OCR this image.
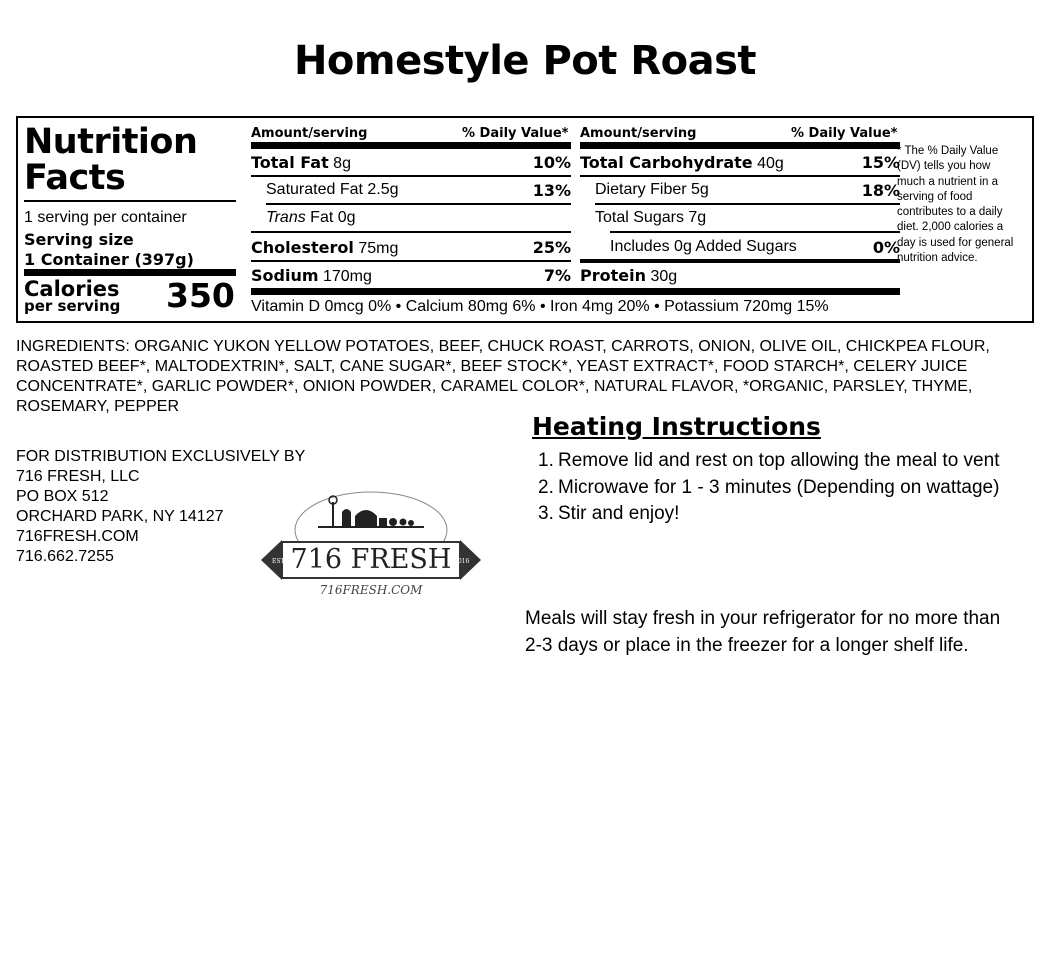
Homestyle Pot Roast
Nutrition
Facts
1 serving per container
Serving size
1 Container (397g)
Calories
per serving 350
Amount/serving	% Daily Value* Amount/serving	% Daily Value*
Total Fat 8g	10%
Saturated Fat 2.5g	13%
Trans Fat 0g
Cholesterol 75mg	25%
Sodium 170mg	7%
Total Carbohydrate 40g	15%
Dietary Fiber 5g	18%
Total Sugars 7g
Includes 0g Added Sugars	0%
Protein 30g
Vitamin D 0mcg 0% • Calcium 80mg 6% • Iron 4mg 20% • Potassium 720mg 15%
* The % Daily Value (DV) tells you how much a nutrient in a serving of food contributes to a daily diet. 2,000 calories a day is used for general nutrition advice.
INGREDIENTS: ORGANIC YUKON YELLOW POTATOES, BEEF, CHUCK ROAST, CARROTS, ONION, OLIVE OIL, CHICKPEA FLOUR, ROASTED BEEF*, MALTODEXTRIN*, SALT, CANE SUGAR*, BEEF STOCK*, YEAST EXTRACT*, FOOD STARCH*, CELERY JUICE CONCENTRATE*, GARLIC POWDER*, ONION POWDER, CARAMEL COLOR*, NATURAL FLAVOR, *ORGANIC, PARSLEY, THYME, ROSEMARY, PEPPER
FOR DISTRIBUTION EXCLUSIVELY BY
716 FRESH, LLC
PO BOX 512
ORCHARD PARK, NY 14127
716FRESH.COM
716.662.7255	EST.	2016
716 FRESH
716FRESH.COM
Heating Instructions
1. Remove lid and rest on top allowing the meal to vent
2. Microwave for 1 - 3 minutes (Depending on wattage)
3. Stir and enjoy!
Meals will stay fresh in your refrigerator for no more than 2-3 days or place in the freezer for a longer shelf life.
